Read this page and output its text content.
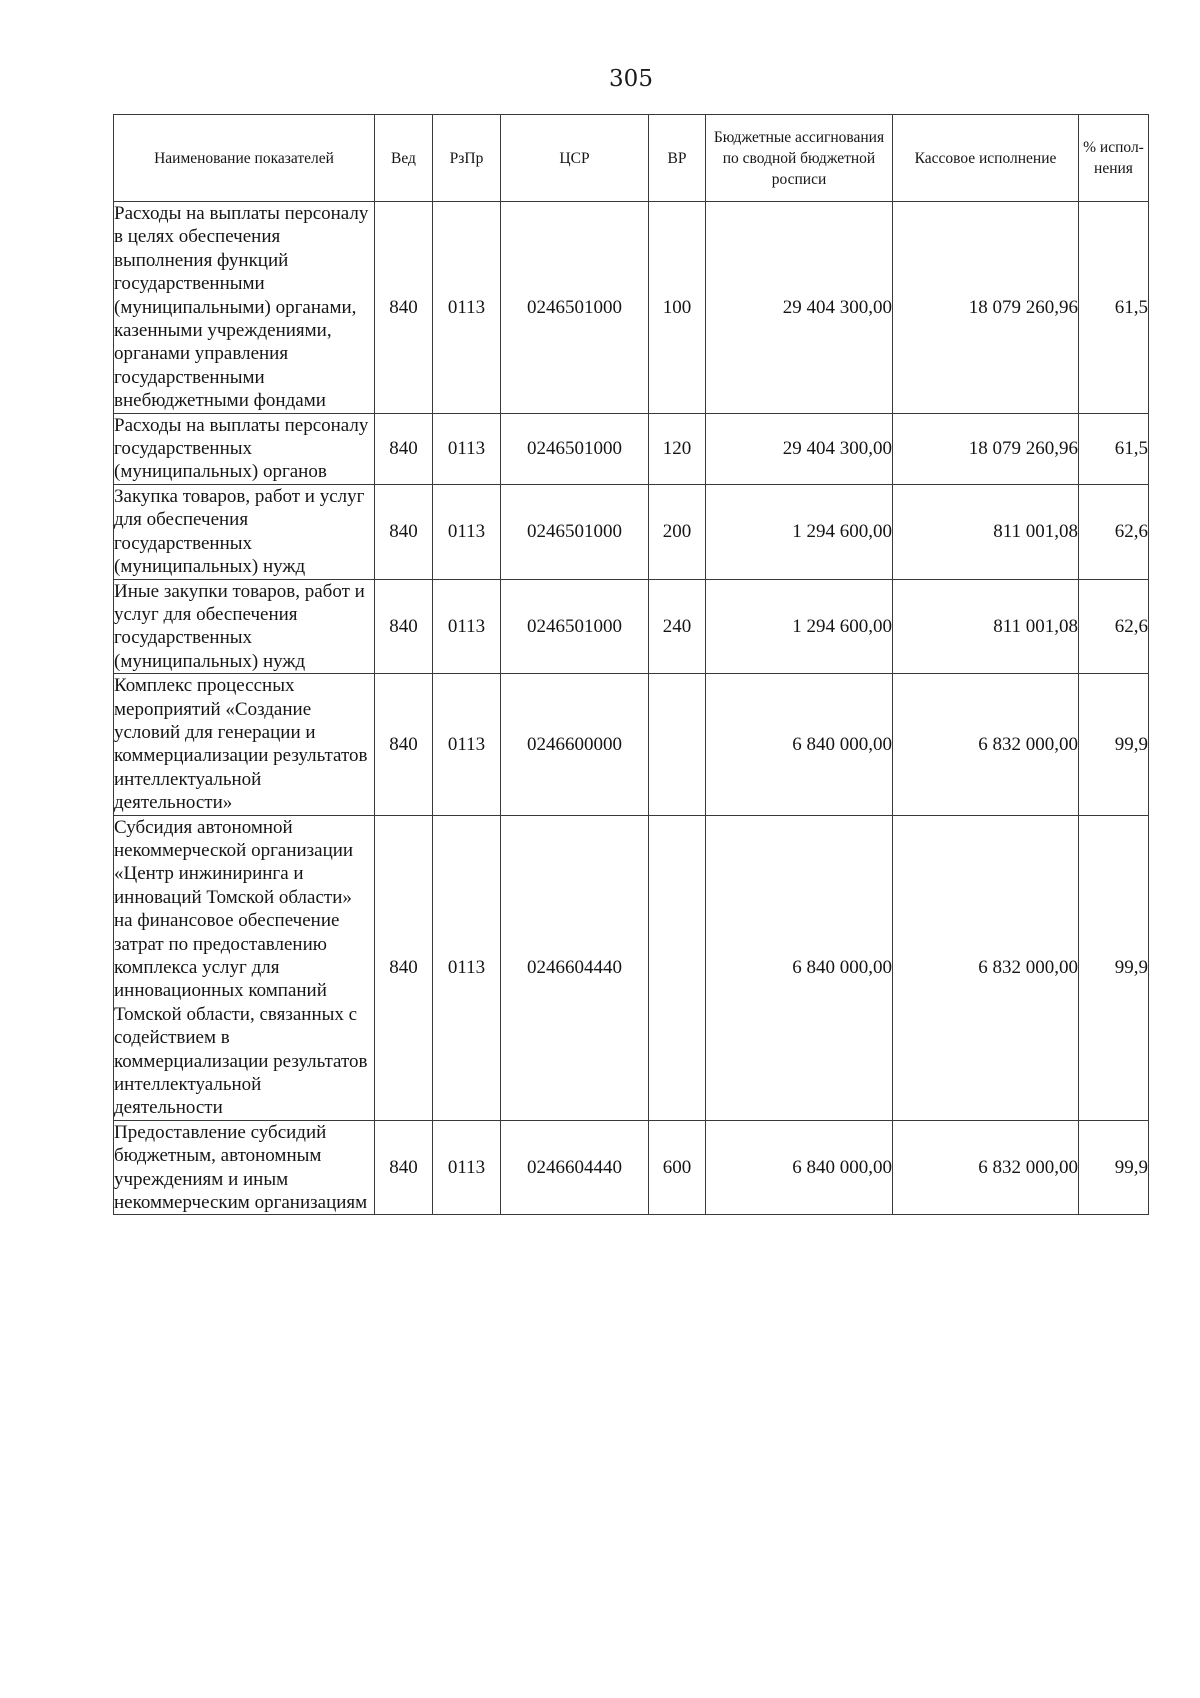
305
Наименование показателей	Вед	РзПр	ЦСР	ВР	Бюджетные ассигнования по сводной бюджетной росписи	Кассовое исполнение	% испол-нения
Расходы на выплаты персоналу в целях обеспечения выполнения функций государственными (муниципальными) органами, казенными учреждениями, органами управления государственными внебюджетными фондами	840	0113	0246501000	100	29 404 300,00	18 079 260,96	61,5
Расходы на выплаты персоналу государственных (муниципальных) органов	840	0113	0246501000	120	29 404 300,00	18 079 260,96	61,5
Закупка товаров, работ и услуг для обеспечения государственных (муниципальных) нужд	840	0113	0246501000	200	1 294 600,00	811 001,08	62,6
Иные закупки товаров, работ и услуг для обеспечения государственных (муниципальных) нужд	840	0113	0246501000	240	1 294 600,00	811 001,08	62,6
Комплекс процессных мероприятий «Создание условий для генерации и коммерциализации результатов интеллектуальной деятельности»	840	0113	0246600000		6 840 000,00	6 832 000,00	99,9
Субсидия автономной некоммерческой организации «Центр инжиниринга и инноваций Томской области» на финансовое обеспечение затрат по предоставлению комплекса услуг для инновационных компаний Томской области, связанных с содействием в коммерциализации результатов интеллектуальной деятельности	840	0113	0246604440		6 840 000,00	6 832 000,00	99,9
Предоставление субсидий бюджетным, автономным учреждениям и иным некоммерческим организациям	840	0113	0246604440	600	6 840 000,00	6 832 000,00	99,9
